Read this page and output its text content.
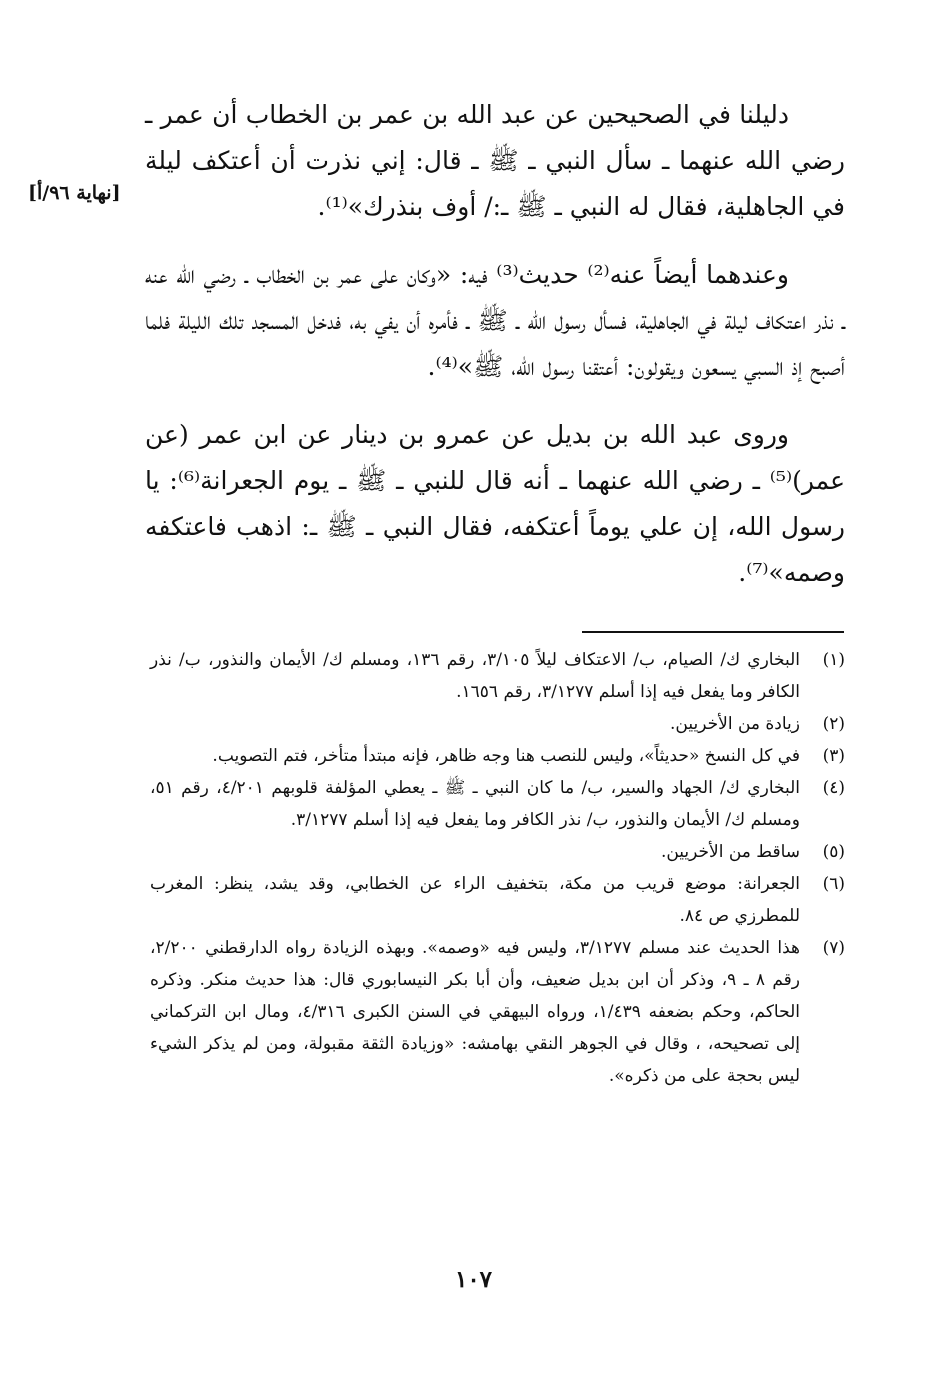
[نهاية ٩٦/أ]

دليلنا في الصحيحين عن عبد الله بن عمر بن الخطاب أن عمر ـ رضي الله عنهما ـ سأل النبي ـ ﷺ ـ قال: إني نذرت أن أعتكف ليلة في الجاهلية، فقال له النبي ـ ﷺ ـ:/ أوف بنذرك»⁽¹⁾.

وعندهما أيضاً عنه⁽²⁾ حديث⁽³⁾ فيه: «وكان على عمر بن الخطاب ـ رضي الله عنه ـ نذر اعتكاف ليلة في الجاهلية، فسأل رسول الله ـ ﷺ ـ فأمره أن يفي به، فدخل المسجد تلك الليلة فلما أصبح إذ السبي يسعون ويقولون: أعتقنا رسول الله، ﷺ»⁽⁴⁾.

وروى عبد الله بن بديل عن عمرو بن دينار عن ابن عمر (عن عمر)⁽⁵⁾ ـ رضي الله عنهما ـ أنه قال للنبي ـ ﷺ ـ يوم الجعرانة⁽⁶⁾: يا رسول الله، إن علي يوماً أعتكفه، فقال النبي ـ ﷺ ـ: اذهب فاعتكفه وصمه»⁽⁷⁾.

(١)
البخاري ك/ الصيام، ب/ الاعتكاف ليلاً ٣/١٠٥، رقم ١٣٦، ومسلم ك/ الأيمان والنذور، ب/ نذر الكافر وما يفعل فيه إذا أسلم ٣/١٢٧٧، رقم ١٦٥٦.
(٢)
زيادة من الأخريين.
(٣)
في كل النسخ «حديثاً»، وليس للنصب هنا وجه ظاهر، فإنه مبتدأ متأخر، فتم التصويب.
(٤)
البخاري ك/ الجهاد والسير، ب/ ما كان النبي ـ ﷺ ـ يعطي المؤلفة قلوبهم ٤/٢٠١، رقم ٥١، ومسلم ك/ الأيمان والنذور، ب/ نذر الكافر وما يفعل فيه إذا أسلم ٣/١٢٧٧.
(٥)
ساقط من الأخريين.
(٦)
الجعرانة: موضع قريب من مكة، بتخفيف الراء عن الخطابي، وقد يشد، ينظر: المغرب للمطرزي ص ٨٤.
(٧)
هذا الحديث عند مسلم ٣/١٢٧٧، وليس فيه «وصمه». وبهذه الزيادة رواه الدارقطني ٢/٢٠٠، رقم ٨ ـ ٩، وذكر أن ابن بديل ضعيف، وأن أبا بكر النيسابوري قال: هذا حديث منكر. وذكره الحاكم، وحكم بضعفه ١/٤٣٩، ورواه البيهقي في السنن الكبرى ٤/٣١٦، ومال ابن التركماني إلى تصحيحه، ، وقال في الجوهر النقي بهامشه: «وزيادة الثقة مقبولة، ومن لم يذكر الشيء ليس بحجة على من ذكره».
١٠٧
